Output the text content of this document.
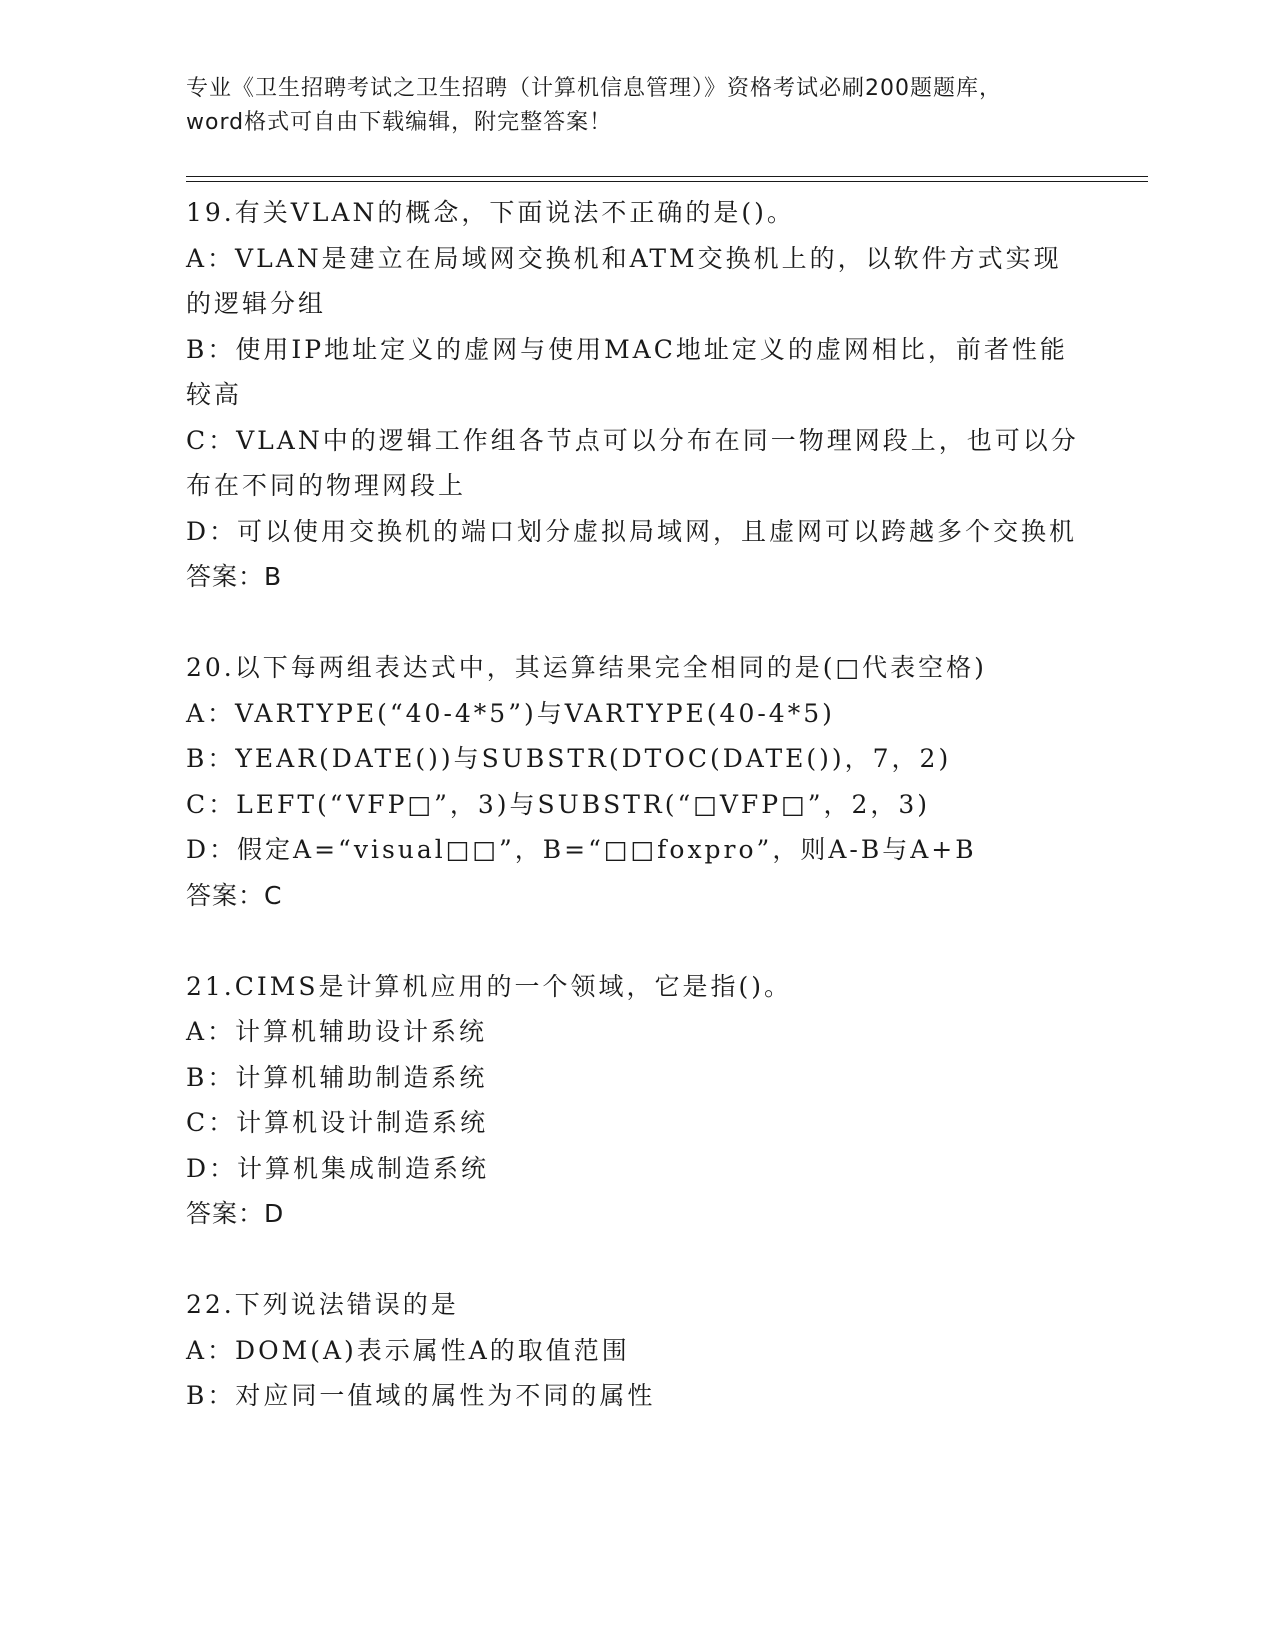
专业《卫生招聘考试之卫生招聘（计算机信息管理）》资格考试必刷200题题库，
word格式可自由下载编辑，附完整答案！

19.有关VLAN的概念，下面说法不正确的是()。

A：VLAN是建立在局域网交换机和ATM交换机上的，以软件方式实现的逻辑分组

B：使用IP地址定义的虚网与使用MAC地址定义的虚网相比，前者性能较高

C：VLAN中的逻辑工作组各节点可以分布在同一物理网段上，也可以分布在不同的物理网段上

D：可以使用交换机的端口划分虚拟局域网，且虚网可以跨越多个交换机

答案：B

20.以下每两组表达式中，其运算结果完全相同的是(□代表空格)

A：VARTYPE(“40-4*5”)与VARTYPE(40-4*5)

B：YEAR(DATE())与SUBSTR(DTOC(DATE())，7，2)

C：LEFT(“VFP□”，3)与SUBSTR(“□VFP□”，2，3)

D：假定A=“visual□□”，B=“□□foxpro”，则A-B与A+B

答案：C

21.CIMS是计算机应用的一个领域，它是指()。

A：计算机辅助设计系统

B：计算机辅助制造系统

C：计算机设计制造系统

D：计算机集成制造系统

答案：D

22.下列说法错误的是

A：DOM(A)表示属性A的取值范围

B：对应同一值域的属性为不同的属性
